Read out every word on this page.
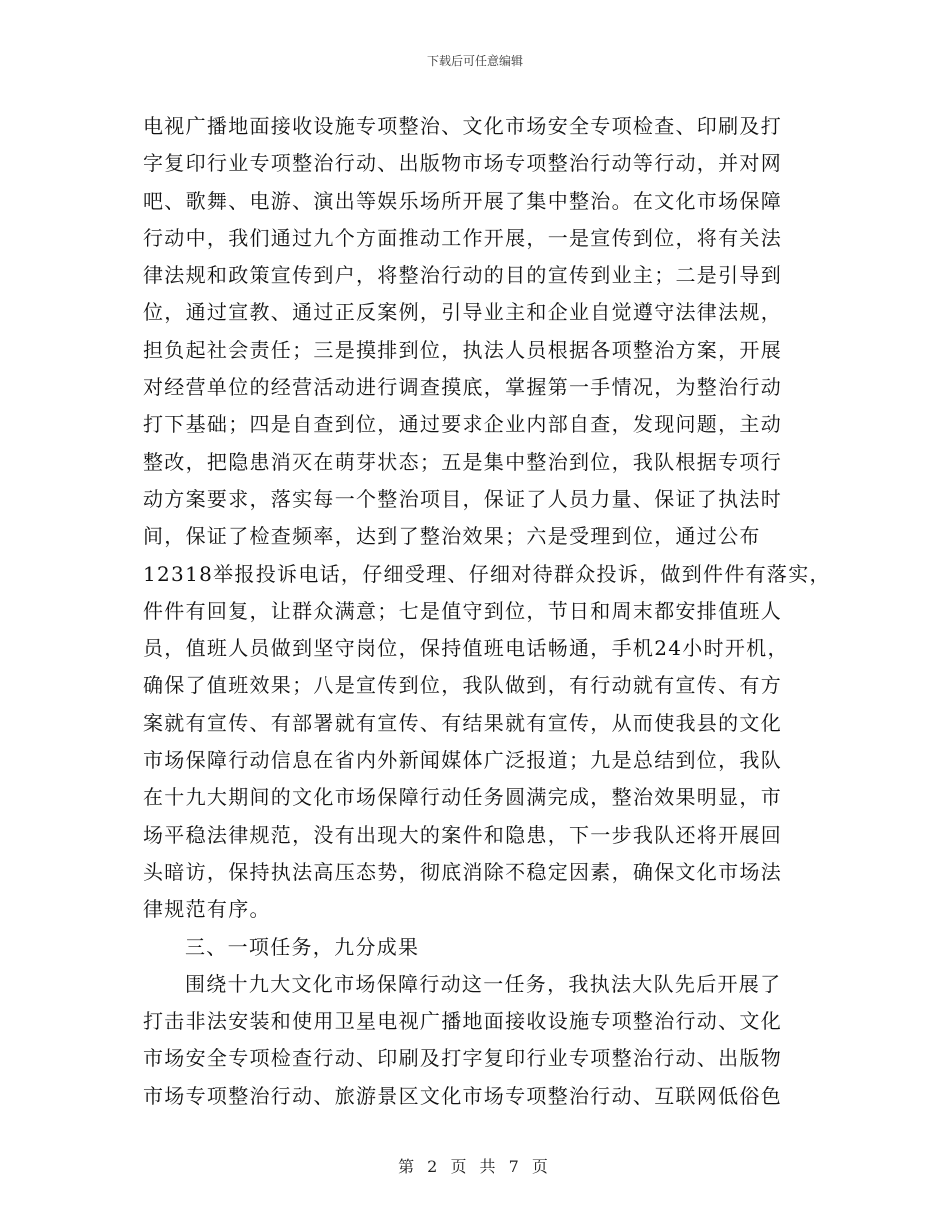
下载后可任意编辑
电视广播地面接收设施专项整治、文化市场安全专项检查、印刷及打
字复印行业专项整治行动、出版物市场专项整治行动等行动，并对网
吧、歌舞、电游、演出等娱乐场所开展了集中整治。在文化市场保障
行动中，我们通过九个方面推动工作开展，一是宣传到位，将有关法
律法规和政策宣传到户，将整治行动的目的宣传到业主；二是引导到
位，通过宣教、通过正反案例，引导业主和企业自觉遵守法律法规，
担负起社会责任；三是摸排到位，执法人员根据各项整治方案，开展
对经营单位的经营活动进行调查摸底，掌握第一手情况，为整治行动
打下基础；四是自查到位，通过要求企业内部自查，发现问题，主动
整改，把隐患消灭在萌芽状态；五是集中整治到位，我队根据专项行
动方案要求，落实每一个整治项目，保证了人员力量、保证了执法时
间，保证了检查频率，达到了整治效果；六是受理到位，通过公布
12318举报投诉电话，仔细受理、仔细对待群众投诉，做到件件有落实，
件件有回复，让群众满意；七是值守到位，节日和周末都安排值班人
员，值班人员做到坚守岗位，保持值班电话畅通，手机24小时开机，
确保了值班效果；八是宣传到位，我队做到，有行动就有宣传、有方
案就有宣传、有部署就有宣传、有结果就有宣传，从而使我县的文化
市场保障行动信息在省内外新闻媒体广泛报道；九是总结到位，我队
在十九大期间的文化市场保障行动任务圆满完成，整治效果明显，市
场平稳法律规范，没有出现大的案件和隐患，下一步我队还将开展回
头暗访，保持执法高压态势，彻底消除不稳定因素，确保文化市场法
律规范有序。
三、一项任务，九分成果
围绕十九大文化市场保障行动这一任务，我执法大队先后开展了
打击非法安装和使用卫星电视广播地面接收设施专项整治行动、文化
市场安全专项检查行动、印刷及打字复印行业专项整治行动、出版物
市场专项整治行动、旅游景区文化市场专项整治行动、互联网低俗色
第 2 页 共 7 页
